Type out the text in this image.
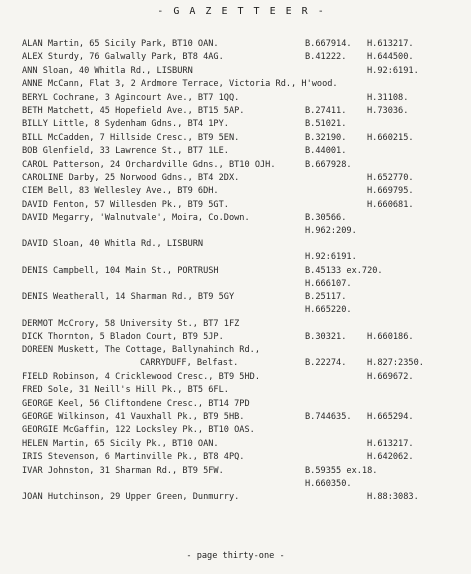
- G A Z E T T E E R -
ALAN Martin, 65 Sicily Park, BT10 OAN.	B.667914. H.613217.
ALEX Sturdy, 76 Galwally Park, BT8 4AG.	B.41222. H.644500.
ANN Sloan, 40 Whitla Rd., LISBURN	H.92:6191.
ANNE McCann, Flat 3, 2 Ardmore Terrace, Victoria Rd., H'wood.
BERYL Cochrane, 3 Agincourt Ave., BT7 1QQ.	H.31108.
BETH Matchett, 45 Hopefield Ave., BT15 5AP.	B.27411. H.73036.
BILLY Little, 8 Sydenham Gdns., BT4 1PY.	B.51021.
BILL McCadden, 7 Hillside Cresc., BT9 5EN.	B.32190. H.660215.
BOB Glenfield, 33 Lawrence St., BT7 1LE.	B.44001.
CAROL Patterson, 24 Orchardville Gdns., BT10 OJH.	B.667928.
CAROLINE Darby, 25 Norwood Gdns., BT4 2DX.	H.652770.
CIEM Bell, 83 Wellesley Ave., BT9 6DH.	H.669795.
DAVID Fenton, 57 Willesden Pk., BT9 5GT.	H.660681.
DAVID Megarry, 'Walnutvale', Moira, Co.Down.	B.30566.
H.962:209.
DAVID Sloan, 40 Whitla Rd., LISBURN
H.92:6191.
DENIS Campbell, 104 Main St., PORTRUSH	B.45133 ex.720.
H.666107.
DENIS Weatherall, 14 Sharman Rd., BT9 5GY	B.25117.
H.665220.
DERMOT McCrory, 58 University St., BT7 1FZ
DICK Thornton, 5 Bladon Court, BT9 5JP.	B.30321. H.660186.
DOREEN Muskett, The Cottage, Ballynahinch Rd.,
CARRYDUFF, Belfast.	B.22274. H.827:2350.
FIELD Robinson, 4 Cricklewood Cresc., BT9 5HD.	H.669672.
FRED Sole, 31 Neill's Hill Pk., BT5 6FL.
GEORGE Keel, 56 Cliftondene Cresc., BT14 7PD
GEORGE Wilkinson, 41 Vauxhall Pk., BT9 5HB.	B.744635. H.665294.
GEORGIE McGaffin, 122 Locksley Pk., BT10 OAS.
HELEN Martin, 65 Sicily Pk., BT10 OAN.	H.613217.
IRIS Stevenson, 6 Martinville Pk., BT8 4PQ.	H.642062.
IVAR Johnston, 31 Sharman Rd., BT9 5FW.	B.59355 ex.18.
H.660350.
JOAN Hutchinson, 29 Upper Green, Dunmurry.	H.88:3083.
- page thirty-one -
